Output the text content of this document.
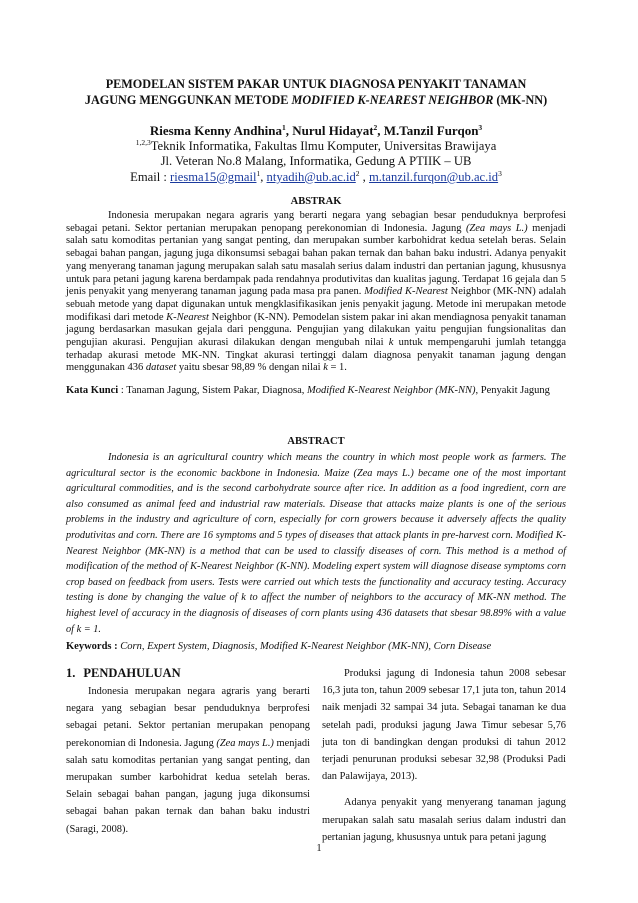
PEMODELAN SISTEM PAKAR UNTUK DIAGNOSA PENYAKIT TANAMAN
JAGUNG MENGGUNKAN METODE MODIFIED K-NEAREST NEIGHBOR (MK-NN)
Riesma Kenny Andhina$^1$, Nurul Hidayat$^2$, M.Tanzil Furqon$^3$
$^{1,2,3}$Teknik Informatika, Fakultas Ilmu Komputer, Universitas Brawijaya
Jl. Veteran No.8 Malang, Informatika, Gedung A PTIIK – UB
Email : riesma15@gmail$^1$, $ntyadih@ub.ac.id^2$ , $m.tanzil.furqon@ub.ac.id^3$

ABSTRAK

Indonesia merupakan negara agraris yang berarti negara yang sebagian besar penduduknya berprofesi sebagai petani. Sektor pertanian merupakan penopang perekonomian di Indonesia. Jagung (Zea mays L.) menjadi salah satu komoditas pertanian yang sangat penting, dan merupakan sumber karbohidrat kedua setelah beras. Selain sebagai bahan pangan, jagung juga dikonsumsi sebagai bahan pakan ternak dan bahan baku industri. Adanya penyakit yang menyerang tanaman jagung merupakan salah satu masalah serius dalam industri dan pertanian jagung, khususnya untuk para petani jagung karena berdampak pada rendahnya produtivitas dan kualitas jagung. Terdapat 16 gejala dan 5 jenis penyakit yang menyerang tanaman jagung pada masa pra panen. Modified K-Nearest Neighbor (MK-NN) adalah sebuah metode yang dapat digunakan untuk mengklasifikasikan jenis penyakit jagung. Metode ini merupakan metode modifikasi dari metode K-Nearest Neighbor (K-NN). Pemodelan sistem pakar ini akan mendiagnosa penyakit tanaman jagung berdasarkan masukan gejala dari pengguna. Pengujian yang dilakukan yaitu pengujian fungsionalitas dan pengujian akurasi. Pengujian akurasi dilakukan dengan mengubah nilai k untuk mempengaruhi jumlah tetangga terhadap akurasi metode MK-NN. Tingkat akurasi tertinggi dalam diagnosa penyakit tanaman jagung dengan menggunakan 436 dataset yaitu sbesar 98,89 % dengan nilai k = 1.

Kata Kunci : Tanaman Jagung, Sistem Pakar, Diagnosa, Modified K-Nearest Neighbor (MK-NN), Penyakit Jagung

ABSTRACT

Indonesia is an agricultural country which means the country in which most people work as farmers. The agricultural sector is the economic backbone in Indonesia. Maize (Zea mays L.) became one of the most important agricultural commodities, and is the second carbohydrate source after rice. In addition as a food ingredient, corn are also consumed as animal feed and industrial raw materials. Disease that attacks maize plants is one of the serious problems in the industry and agriculture of corn, especially for corn growers because it adversely affects the quality produtivitas and corn. There are 16 symptoms and 5 types of diseases that attack plants in pre-harvest corn. Modified K-Nearest Neighbor (MK-NN) is a method that can be used to classify diseases of corn. This method is a method of modification of the method of K-Nearest Neighbor (K-NN). Modeling expert system will diagnose disease symptoms corn crop based on feedback from users. Tests were carried out which tests the functionality and accuracy testing. Accuracy testing is done by changing the value of k to affect the number of neighbors to the accuracy of MK-NN method. The highest level of accuracy in the diagnosis of diseases of corn plants using 436 datasets that sbesar 98.89% with a value of k = 1.

Keywords : Corn, Expert System, Diagnosis, Modified K-Nearest Neighbor (MK-NN), Corn Disease

1. PENDAHULUAN

Indonesia merupakan negara agraris yang berarti negara yang sebagian besar penduduknya berprofesi sebagai petani. Sektor pertanian merupakan penopang perekonomian di Indonesia. Jagung (Zea mays L.) menjadi salah satu komoditas pertanian yang sangat penting, dan merupakan sumber karbohidrat kedua setelah beras. Selain sebagai bahan pangan, jagung juga dikonsumsi sebagai bahan pakan ternak dan bahan baku industri (Saragi, 2008).

Produksi jagung di Indonesia tahun 2008 sebesar 16,3 juta ton, tahun 2009 sebesar 17,1 juta ton, tahun 2014 naik menjadi 32 sampai 34 juta. Sebagai tanaman ke dua setelah padi, produksi jagung Jawa Timur sebesar 5,76 juta ton di bandingkan dengan produksi di tahun 2012 terjadi penurunan produksi sebesar 32,98 (Produksi Padi dan Palawijaya, 2013).

Adanya penyakit yang menyerang tanaman jagung merupakan salah satu masalah serius dalam industri dan pertanian jagung, khususnya untuk para petani jagung

1
